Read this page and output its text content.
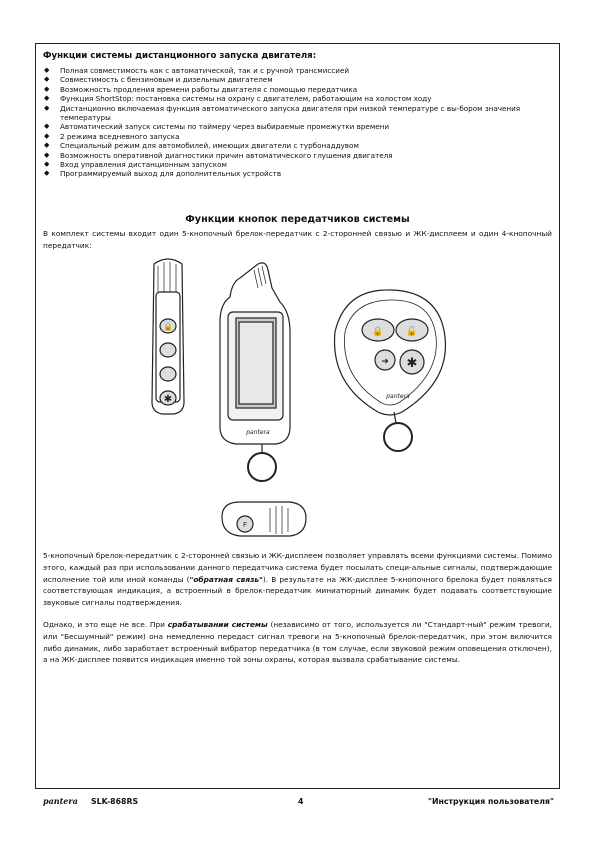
Функции системы дистанционного запуска двигателя:
◆ Полная совместимость как с автоматической, так и с ручной трансмиссией
◆ Совместимость с бензиновым и дизельным двигателем
◆ Возможность продления времени работы двигателя с помощью передатчика
◆ Функция ShortStop: постановка системы на охрану с двигателем, работающим на холостом ходу
◆ Дистанционно включаемая функция автоматического запуска двигателя при низкой температуре с вы-бором значения температуры
◆ Автоматический запуск системы по таймеру через выбираемые промежутки времени
◆ 2 режима вседневного запуска
◆ Специальный режим для автомобилей, имеющих двигатели с турбонаддувом
◆ Возможность оперативной диагностики причин автоматического глушения двигателя
◆ Вход управления дистанционным запуском
◆ Программируемый выход для дополнительных устройств
Функции кнопок передатчиков системы

В комплект системы входит один 5-кнопочный брелок-передатчик с 2-сторонней связью и ЖК-дисплеем и один 4-кнопочный передатчик:

🔒
✱
pantera
🔒	🔓
➜ ✱
pantera
F

5-кнопочный брелок-передатчик с 2-сторонней связью и ЖК-дисплеем позволяет управлять всеми функциями системы. Помимо этого, каждый раз при использовании данного передатчика система будет посылать специ-альные сигналы, подтверждающие исполнение той или иной команды ("обратная связь"). В результате на ЖК-дисплее 5-кнопочного брелока будет появляться соответствующая индикация, а встроенный в брелок-передатчик миниатюрный динамик будет подавать соответствующие звуковые сигналы подтверждения.

Однако, и это еще не все. При срабатывании системы (независимо от того, используется ли "Стандарт-ный" режим тревоги, или "Бесшумный" режим) она немедленно передаст сигнал тревоги на 5-кнопочный брелок-передатчик, при этом включится либо динамик, либо заработает встроенный вибратор передатчика (в том случае, если звуковой режим оповещения отключен), а на ЖК-дисплее появится индикация именно той зоны охраны, которая вызвала срабатывание системы.

pantera SLK-868RS	4	"Инструкция пользователя"
